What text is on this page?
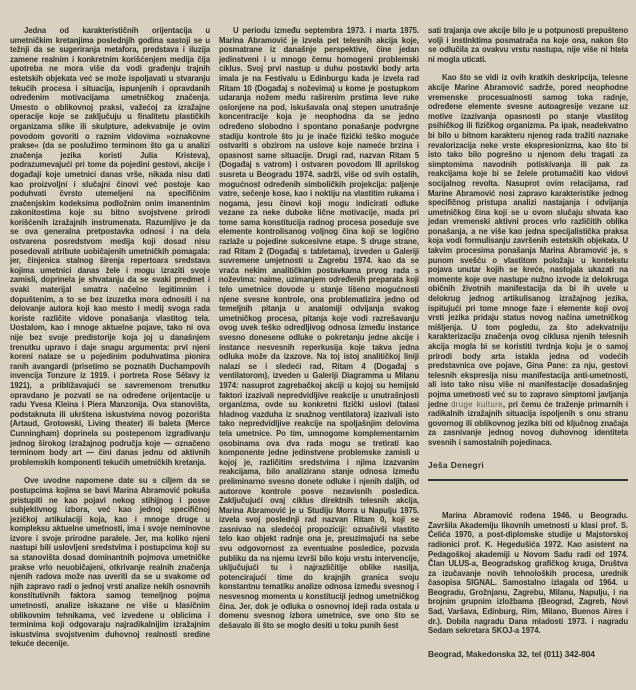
Jedna od karakterističnih orijentacija u umetničkim kretanjima poslednjih godina sastoji se u težnji da se sugeriranja metafora, predstava i iluzija zamene realnim i konkretnim korišćenjem medija čija upotreba ne mora više da vodi građenju trajnih estetskih objekata već se može ispoljavati u stvaranju tekućih procesa i situacija, ispunjenih i opravdanih određenim motivacijama umetničkog značenja. Umesto o oblikovnoj praksi, važećoj za izražajne operacije koje se zaključuju u finalitetu plastičkih organizama slike ili skulpture, adekvatnije je ovim povodom govoriti o raznim vidovima »oznakovne prakse« (da se poslužimo terminom što ga u analizi značenja jezika koristi Julia Kristeva), podrazumevajući pri tome da pojedini gestovi, akcije i događaji koje umetnici danas vrše, nikada nisu dati kao proizvoljni i slučajni činovi već postoje kao poduhvati čvrsto utemeljeni na specifičnim značenjskim kodeksima podložnim onim imanentnim zakonitostima koje su bitno svojstvene prirodi korišćenih izražajnih instrumenata. Razumljivo je da se ova generalna pretpostavka odnosi i na dela ostvarena posredstvom medija koji dosad nisu posedovali atribute uobičajenih umetničkih pomagala: jer, činjenica stalnog širenja repertoara sredstava kojima umetnici danas žele i mogu izraziti svoje zamisli, doprinela je shvatanju da se svaki predmet i svaki materijal smatra načelno legitimnim i dopuštenim, a to se bez izuzetka mora odnositi i na delovanje autora koji kao mesto i medij svoga rada koriste različite vidove ponašanja vlastitog tela. Uostalom, kao i mnoge aktuelne pojave, tako ni ova nije bez svoje predistorije koja joj u današnjem trenutku upravo i daje snagu argumenta: prvi njeni koreni nalaze se u pojedinim poduhvatima pionira ranih avangardi (prisetimo se poznatih Duchampovih invencija Tonzure iz 1919. i portreta Rose Sélavy iz 1921), a približavajući se savremenom trenutku opravdano je pozvati se na određene orijentacije u radu Yvesa Kleina i Piera Manzonija. Ova stanovišta, podstaknuta ili ukrštena iskustvima novog pozorišta (Artaud, Grotowski, Living theater) ili baleta (Merce Cunningham) doprinela su postepenom izgrađivanju jednog širokog izražajnog područja koje — označeno terminom body art — čini danas jednu od aktivnih problemskih komponenti tekućih umetničkih kretanja.

Ove uvodne napomene date su s ciljem da se postupcima kojima se bavi Marina Abramović pokuša pristupiti ne kao pojavi nekog stihijnog i posve subjektivnog izbora, već kao jednoj specifičnoj jezičkoj artikulaciji koja, kao i mnoge druge u kompleksu aktuelne umetnosti, ima i svoje neminovne izvore i svoje prirodne paralele. Jer, ma koliko njeni nastupi bili uslovljeni sredstvima i postupcima koji su sa stanovišta dosad dominantnih pojmova umetničke prakse vrlo neuobičajeni, otkrivanje realnih značenja njenih radova može nas uveriti da se u svakome od njih zapravo radi o jednoj vrsti analize nekih osnovnih konstitutivnih faktora samog temeljnog pojma umetnosti, analize iskazane ne više u klasičnim oblikovnim tehnikama, već izvedene u oblicima i terminima koji odgovaraju najradikalnijim izražajnim iskustvima svojstvenim duhovnoj realnosti sredine tekuće decenije.

U periodu između septembra 1973. i marta 1975. Marina Abramović je izvela pet telesnih akcija koje, posmatrane iz današnje perspektive, čine jedan jedinstveni i u mnogo čemu homogeni problemski ciklus. Svoj prvi nastup u duhu postavki body arta imala je na Festivalu u Edinburgu kada je izvela rad Ritam 10 (Događaj s noževima) u kome je postupkom udaranja nožem među raširenim prstima leve ruke oslonjene na pod, iskušavala onaj stepen unutrašnje koncentracije koja je neophodna da se jedno određeno slobodno i spontano ponašanje podvrgne stadiju kontrole što ju je inače fizički teško moguće ostvariti s obzirom na uslove koje nameće brzina i opasnost same situacije. Drugi rad, nazvan Ritam 5 (Događaj s vatrom) i ostvaren povodom III aprilskog susreta u Beogradu 1974. sadrži, više od svih ostalih, mogućnost određenih simboličkih projekcija: paljenje vatre, sečenje kose, kao i noktiju na vlastitim rukama i nogama, jesu činovi koji mogu indicirati odluke vezane za neke duboke lične motivacije, mada pri tome sama konstitucija radnog procesa poseduje sve elemente kontrolisanog voljnog čina koji se logično razlaže u pojedine sukcesivne etape. S druge strane, rad Ritam 2 (Događaj s tabletama), izveden u Galeriji suvremene umjetnosti u Zagrebu 1974. kao da se vraća nekim analitičkim postavkama prvog rada s noževima: naime, uzimanjem određenih preparata koji telo umetnice dovode u stanje lišeno mogućnosti njene svesne kontrole, ona problematizira jedno od temeljnih pitanja u anatomiji odvijanja svakog umetničkog procesa, pitanja koje vodi razrešavanju ovog uvek teško odredljivog odnosa između instance svesno donesene odluke o pokretanju jedne akcije i instance nesvesnih reperkusija koje takva jedna odluka može da izazove. Na toj istoj analitičkoj liniji nalazi se i sledeći rad, Ritam 4 (Događaj s ventilatorom), izveden u Galeriji Diagramma u Milanu 1974: nasuprot zagrebačkoj akciji u kojoj su hemijski faktori izazivali nepredvidljive reakcije u unutrašnjosti organizma, ovde su konkretni fizički uslovi (talasi hladnog vazduha iz snažnog ventilatora) izazivali isto tako nepredvidljive reakcije na spoljašnjim delovima tela umetnice. Po tim, umnogome komplementarnim osobinama ova dva rada mogu se tretirati kao komponente jedne jedinstvene problemske zamisli u kojoj je, različitim sredstvima i njima izazvanim reakcijama, bilo analizirano stanje odnosa između preliminarno svesno donete odluke i njenih daljih, od autorove kontrole posve nezavisnih posledica. Zaključujući ovaj ciklus direktnih telesnih akcija, Marina Abramović je u Studiju Morra u Napulju 1975. izvela svoj poslednji rad nazvan Ritam 0, koji se zasnivao na sledećoj propoziciji: označivši vlastito telo kao objekt radnje ona je, preuzimajući na sebe svu odgovornost za eventualne posledice, pozvala publiku da na njemu izvrši bilo koju vrstu intervencije, uključujući tu i najrazličitije oblike nasilja, potencirajući time do krajnjih granica svoju konstantnu tematiku analize odnosa između svesnog i nesvesnog momenta u konstituciji jednog umetničkog čina. Jer, dok je odluka o osnovnoj ideji rada ostala u domenu svesnog izbora umetnice, sve ono što se dešavalo ili što se moglo desiti u toku punih šest

sati trajanja ove akcije bilo je u potpunosti prepušteno volji i instinktima posmatrača na koje ona, nakon što se odlučila za ovakvu vrstu nastupa, nije više ni htela ni mogla uticati.

Kao što se vidi iz ovih kratkih deskripcija, telesne akcije Marine Abramović sadrže, pored neophodne vremenske procesualnosti samog toka radnje, određene elemente svesne autoagresije vezane uz motive izazivanja opasnosti po stanje vlastitog psihičkog ili fizičkog organizma. Pa ipak, neadekvatno bi bilo u bitnom karakteru njenog rada tražiti naznake revalorizacija neke vrste ekspresionizma, kao što bi isto tako bilo pogrešno u njenom delu tragati za simptomima navodnih potiskivanja ili pak za reakcijama koje bi se želele protumačiti kao vidovi socijalnog revolta. Nasuprot ovim relacijama, rad Marine Abramović nosi zapravo karakteristike jednog specifičnog pristupa analizi nastajanja i odvijanja umetničkog čina koji se u ovom slučaju shvata kao jedan vremenski aktivni proces vrlo različitih oblika ponašanja, a ne više kao jedna specijalistička praksa koja vodi formulisanju završenih estetskih objekata. U takvim procesima ponašanja Marina Abramović je, s punom svešću o vlastitom položaju u kontekstu pojava unutar kojih se kreće, nastojala ukazati na momente koje ove nastupe nužno izvode iz delokruga običnih životnih manifestacija da bi ih uvele u delokrug jednog artikulisanog izražajnog jezika, ispitujući pri tome mnoge faze i elemente koji ovoj vrsti jezika pridaju status novog načina umetničkog mišljenja. U tom pogledu, za što adekvatniju karakterizaciju značenja ovog ciklusa njenih telesnih akcija mogla bi se koristiti tvrdnja koju je o samoj prirodi body arta istakla jedna od vodećih predstavnica ove pojave, Gina Pane: za nju, gestovi telesnih ekspresija nisu manifestacija anti-umetnosti, ali isto tako nisu više ni manifestacije dosadašnjeg pojma umetnosti već su to zapravo simptomi javljanja jedne druge kulture, pri čemu će traženje primarnih i radikalnih izražajnih situacija ispoljenih s onu stranu govornog ili oblikovnog jezika biti od ključnog značaja za zasnivanje jednog novog duhovnog identiteta svesnih i samostalnih pojedinaca.

Ješa Denegri

Marina Abramović rođena 1946. u Beogradu. Završila Akademiju likovnih umetnosti u klasi prof. S. Ćelića 1970, a post-diplomske studije u Majstorskoj radionici prof. K. Hegedušića 1972. Kao asistent na Pedagoškoj akademiji u Novom Sadu radi od 1974. Član ULUS-a, Beogradskog grafičkog kruga, Društva za izučavanje novih tehnoloških procesa, urednik časopisa SIGNAL. Samostalno izlagala od 1964. u Beogradu, Grožnjanu, Zagrebu, Milanu, Napulju, i na brojnim grupnim izložbama (Beograd, Zagreb, Novi Sad, Varšava, Edinburg, Rim, Milano, Buenos Aires i dr.). Dobila nagradu Dana mladosti 1973. i nagradu Sedam sekretara SKOJ-a 1974.

Beograd, Makedonska 32, tel (011) 342-804
